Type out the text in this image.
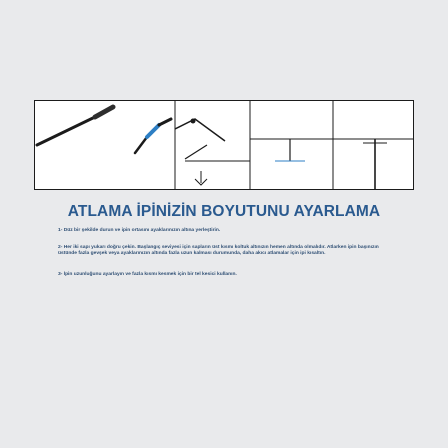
ATLAMA İPİNİZİN BOYUTUNU AYARLAMA

1- Düz bir şekilde durun ve ipin ortasını ayaklarınızın altına yerleştirin.

2- Her iki sapı yukarı doğru çekin. Başlangıç seviyesi için sapların üst kısmı koltuk altınızın hemen altında olmalıdır. Atlarken ipin başınızın üstünde fazla gevşek veya ayaklarınızın altında fazla uzun kalması durumunda, daha akıcı atlamalar için ipi kısaltın.

3- İpin uzunluğunu ayarlayın ve fazla kısmı kesmek için bir tel kesici kullanın.
